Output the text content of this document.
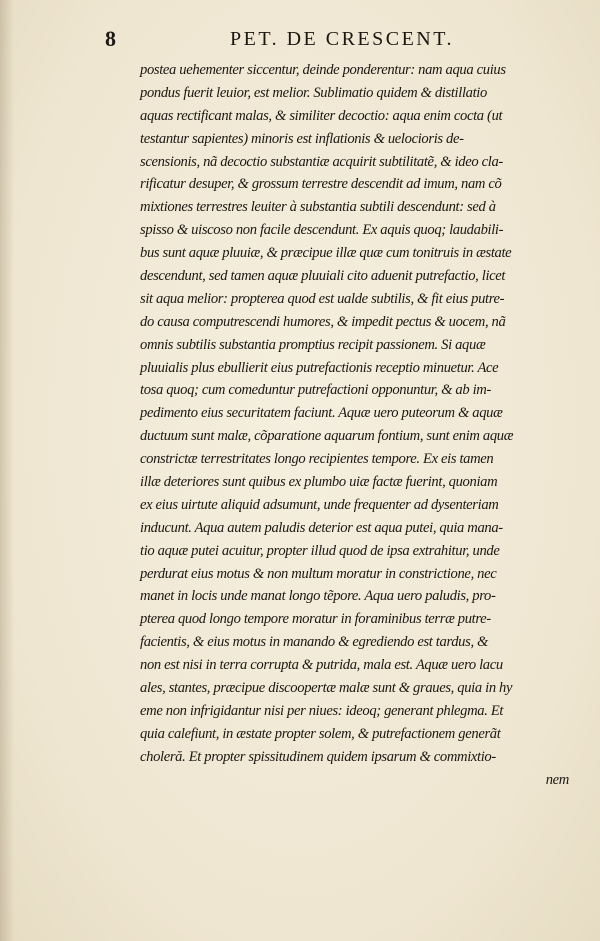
8	PET. DE CRESCENT.
postea uehementer siccentur, deinde ponderentur: nam aqua cuius
pondus fuerit leuior, est melior. Sublimatio quidem & distillatio
aquas rectificant malas, & similiter decoctio: aqua enim cocta (ut
testantur sapientes) minoris est inflationis & uelocioris de-
scensionis, nã decoctio substantiæ acquirit subtilitatẽ, & ideo cla-
rificatur desuper, & grossum terrestre descendit ad imum, nam cõ
mixtiones terrestres leuiter à substantia subtili descendunt: sed à
spisso & uiscoso non facile descendunt. Ex aquis quoq; laudabili-
bus sunt aquæ pluuiæ, & præcipue illæ quæ cum tonitruis in æstate
descendunt, sed tamen aquæ pluuiali cito aduenit putrefactio, licet
sit aqua melior: propterea quod est ualde subtilis, & fit eius putre-
do causa computrescendi humores, & impedit pectus & uocem, nã
omnis subtilis substantia promptius recipit passionem. Si aquæ
pluuialis plus ebullierit eius putrefactionis receptio minuetur. Ace
tosa quoq; cum comeduntur putrefactioni opponuntur, & ab im-
pedimento eius securitatem faciunt. Aquæ uero puteorum & aquæ
ductuum sunt malæ, cõparatione aquarum fontium, sunt enim aquæ
constrictæ terrestritates longo recipientes tempore. Ex eis tamen
illæ deteriores sunt quibus ex plumbo uiæ factæ fuerint, quoniam
ex eius uirtute aliquid adsumunt, unde frequenter ad dysenteriam
inducunt. Aqua autem paludis deterior est aqua putei, quia mana-
tio aquæ putei acuitur, propter illud quod de ipsa extrahitur, unde
perdurat eius motus & non multum moratur in constrictione, nec
manet in locis unde manat longo tẽpore. Aqua uero paludis, pro-
pterea quod longo tempore moratur in foraminibus terræ putre-
facientis, & eius motus in manando & egrediendo est tardus, &
non est nisi in terra corrupta & putrida, mala est. Aquæ uero lacu
ales, stantes, præcipue discoopertæ malæ sunt & graues, quia in hy
eme non infrigidantur nisi per niues: ideoq; generant phlegma. Et
quia calefiunt, in æstate propter solem, & putrefactionem generãt
choleră. Et propter spissitudinem quidem ipsarum & commixtio-
nem
